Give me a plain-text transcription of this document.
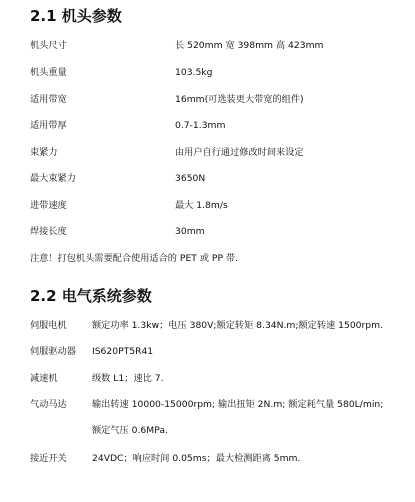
2.1 机头参数
机头尺寸	长 520mm 宽 398mm 高 423mm
机头重量	103.5kg
适用带宽	16mm(可选装更大带宽的组件)
适用带厚	0.7-1.3mm
束紧力	由用户自行通过修改时间来设定
最大束紧力	3650N
进带速度	最大 1.8m/s
焊接长度	30mm
注意！打包机头需要配合使用适合的 PET 或 PP 带.
2.2 电气系统参数
伺服电机	额定功率 1.3kw；电压 380V;额定转矩 8.34N.m;额定转速 1500rpm.
伺服驱动器 IS620PT5R41
减速机	级数 L1；速比 7.
气动马达	输出转速 10000-15000rpm; 输出扭矩 2N.m; 额定耗气量 580L/min;
额定气压 0.6MPa.
接近开关	24VDC；响应时间 0.05ms；最大检测距离 5mm.
